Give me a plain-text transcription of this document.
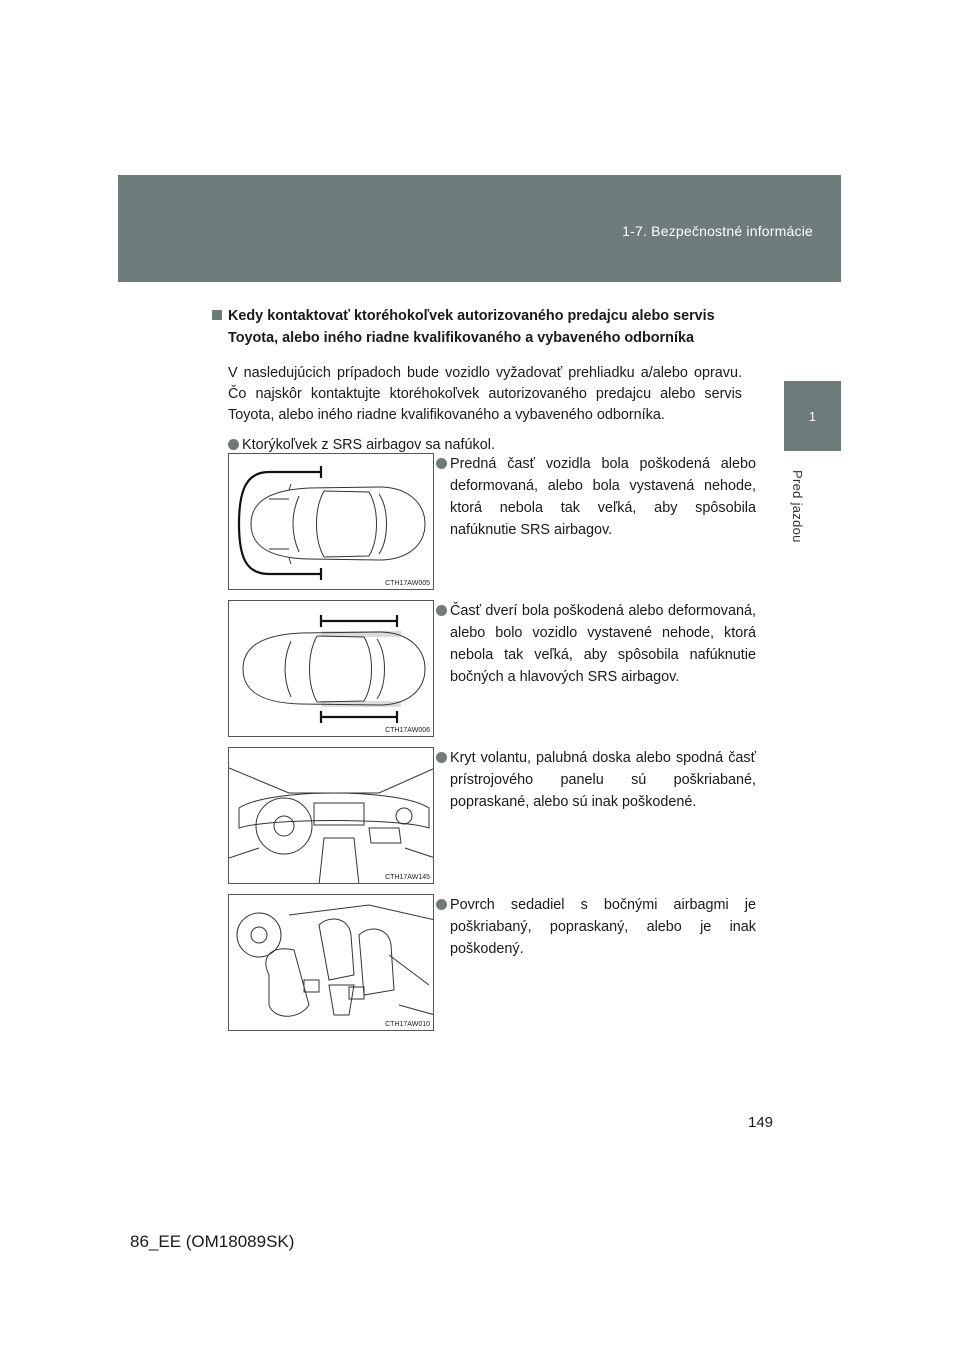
1-7. Bezpečnostné informácie
1
Pred jazdou

Kedy kontaktovať ktoréhokoľvek autorizovaného predajcu alebo servis Toyota, alebo iného riadne kvalifikovaného a vybaveného odborníka

V nasledujúcich prípadoch bude vozidlo vyžadovať prehliadku a/alebo opravu. Čo najskôr kontaktujte ktoréhokoľvek autorizovaného predajcu alebo servis Toyota, alebo iného riadne kvalifikovaného a vybaveného odborníka.

Ktorýkoľvek z SRS airbagov sa nafúkol.
CTH17AW005
Predná časť vozidla bola poškodená alebo deformovaná, alebo bola vystavená nehode, ktorá nebola tak veľká, aby spôsobila nafúknutie SRS airbagov.
CTH17AW006
Časť dverí bola poškodená alebo deformovaná, alebo bolo vozidlo vystavené nehode, ktorá nebola tak veľká, aby spôsobila nafúknutie bočných a hlavových SRS airbagov.
CTH17AW145
Kryt volantu, palubná doska alebo spodná časť prístrojového panelu sú poškriabané, popraskané, alebo sú inak poškodené.
CTH17AW010
Povrch sedadiel s bočnými airbagmi je poškriabaný, popraskaný, alebo je inak poškodený.
149
86_EE (OM18089SK)
